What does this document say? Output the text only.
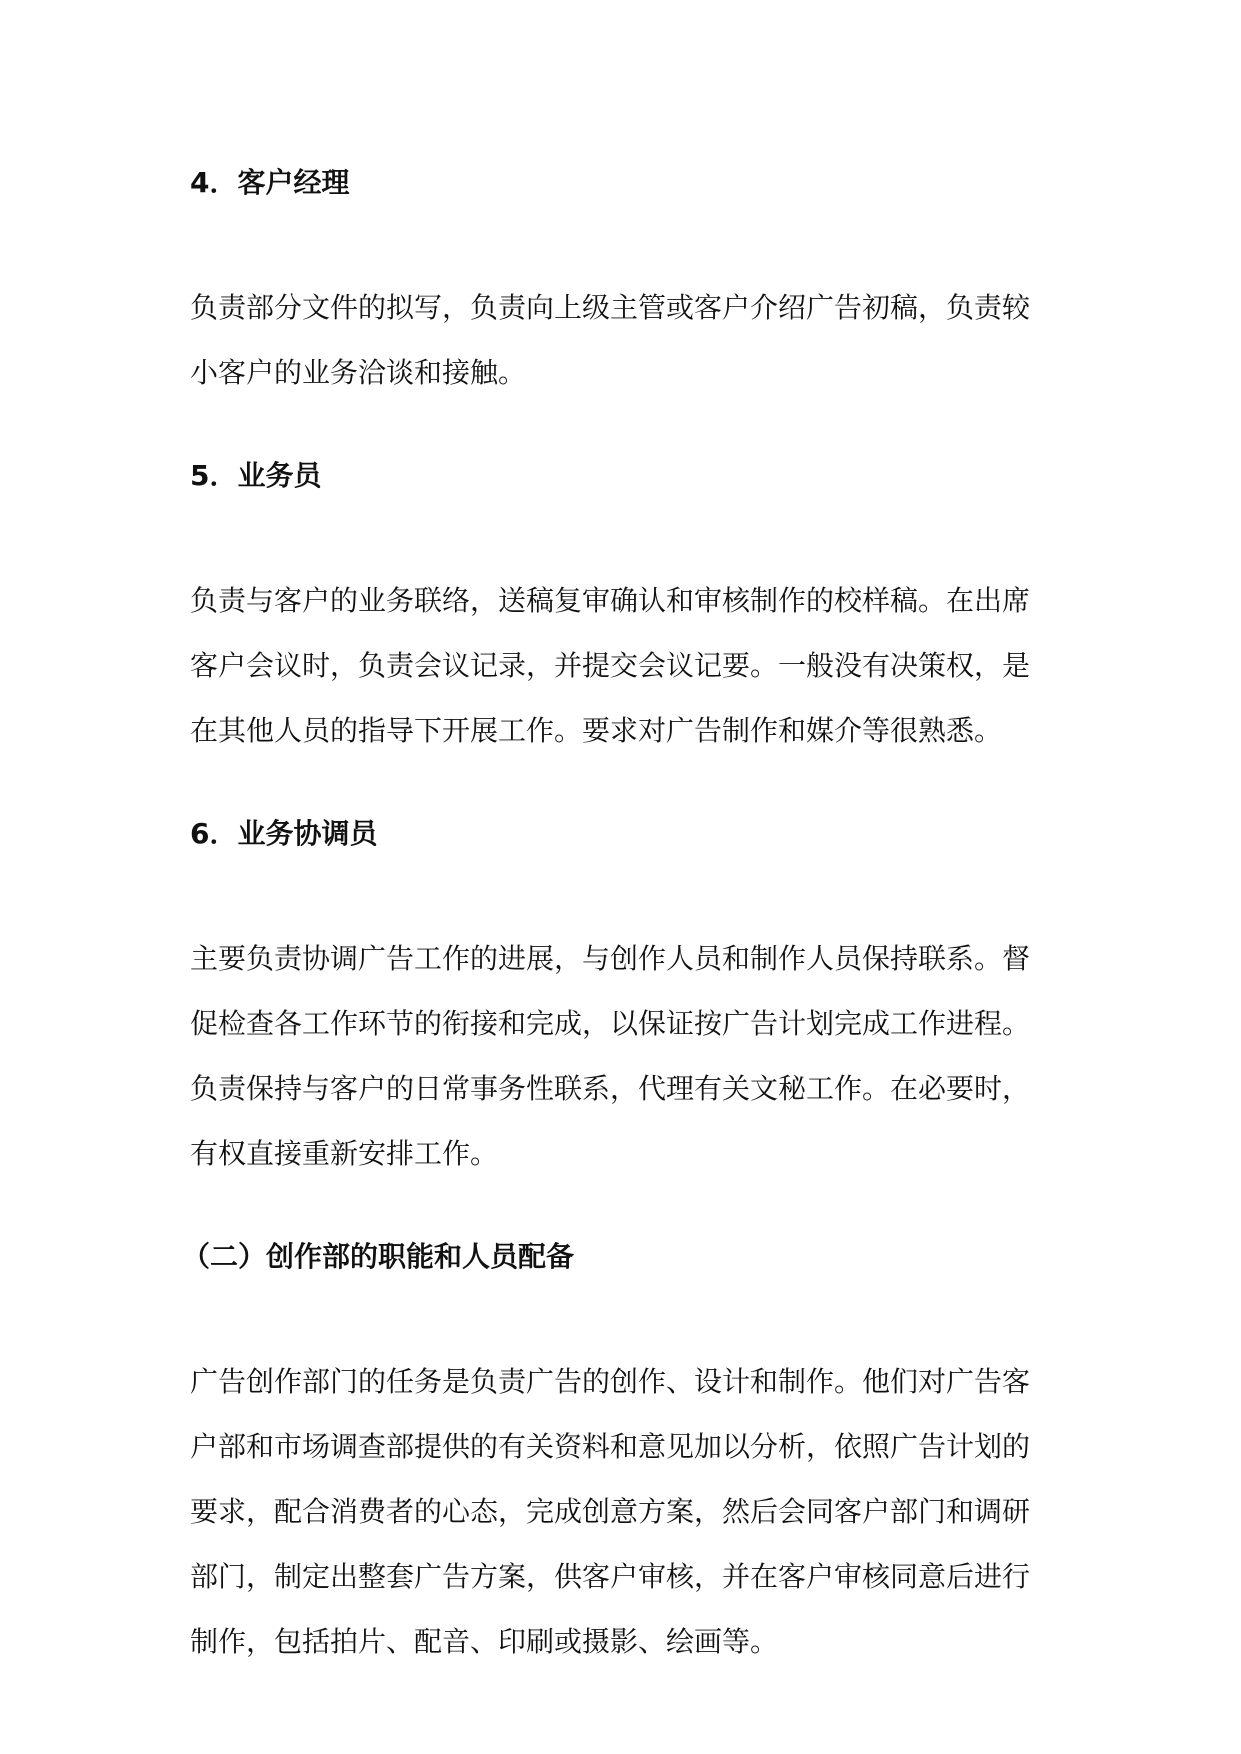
4．客户经理

负责部分文件的拟写，负责向上级主管或客户介绍广告初稿，负责较
小客户的业务洽谈和接触。

5．业务员

负责与客户的业务联络，送稿复审确认和审核制作的校样稿。在出席
客户会议时，负责会议记录，并提交会议记要。一般没有决策权，是
在其他人员的指导下开展工作。要求对广告制作和媒介等很熟悉。

6．业务协调员

主要负责协调广告工作的进展，与创作人员和制作人员保持联系。督
促检查各工作环节的衔接和完成，以保证按广告计划完成工作进程。
负责保持与客户的日常事务性联系，代理有关文秘工作。在必要时，
有权直接重新安排工作。

（二）创作部的职能和人员配备

广告创作部门的任务是负责广告的创作、设计和制作。他们对广告客
户部和市场调查部提供的有关资料和意见加以分析，依照广告计划的
要求，配合消费者的心态，完成创意方案，然后会同客户部门和调研
部门，制定出整套广告方案，供客户审核，并在客户审核同意后进行
制作，包括拍片、配音、印刷或摄影、绘画等。
